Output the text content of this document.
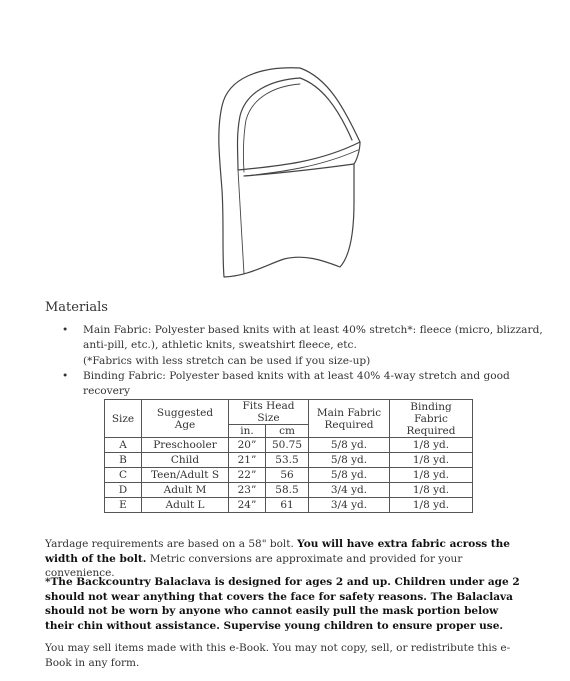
Materials
• Main Fabric: Polyester based knits with at least 40% stretch*: fleece (micro, blizzard,
anti-pill, etc.), athletic knits, sweatshirt fleece, etc.
(*Fabrics with less stretch can be used if you size-up)
• Binding Fabric: Polyester based knits with at least 40% 4-way stretch and good recovery
Size	Suggested Age	Fits Head Size		Main Fabric Required	Binding Fabric Required
		in.	cm		
A	Preschooler	20”	50.75	5/8 yd.	1/8 yd.
B	Child	21”	53.5	5/8 yd.	1/8 yd.
C	Teen/Adult S	22”	56	5/8 yd.	1/8 yd.
D	Adult M	23”	58.5	3/4 yd.	1/8 yd.
E	Adult L	24”	61	3/4 yd.	1/8 yd.
Yardage requirements are based on a 58" bolt. You will have extra fabric across the width of the bolt. Metric conversions are approximate and provided for your convenience.
*The Backcountry Balaclava is designed for ages 2 and up. Children under age 2 should not wear anything that covers the face for safety reasons. The Balaclava should not be worn by anyone who cannot easily pull the mask portion below their chin without assistance. Supervise young children to ensure proper use.
You may sell items made with this e-Book. You may not copy, sell, or redistribute this e-Book in any form.
